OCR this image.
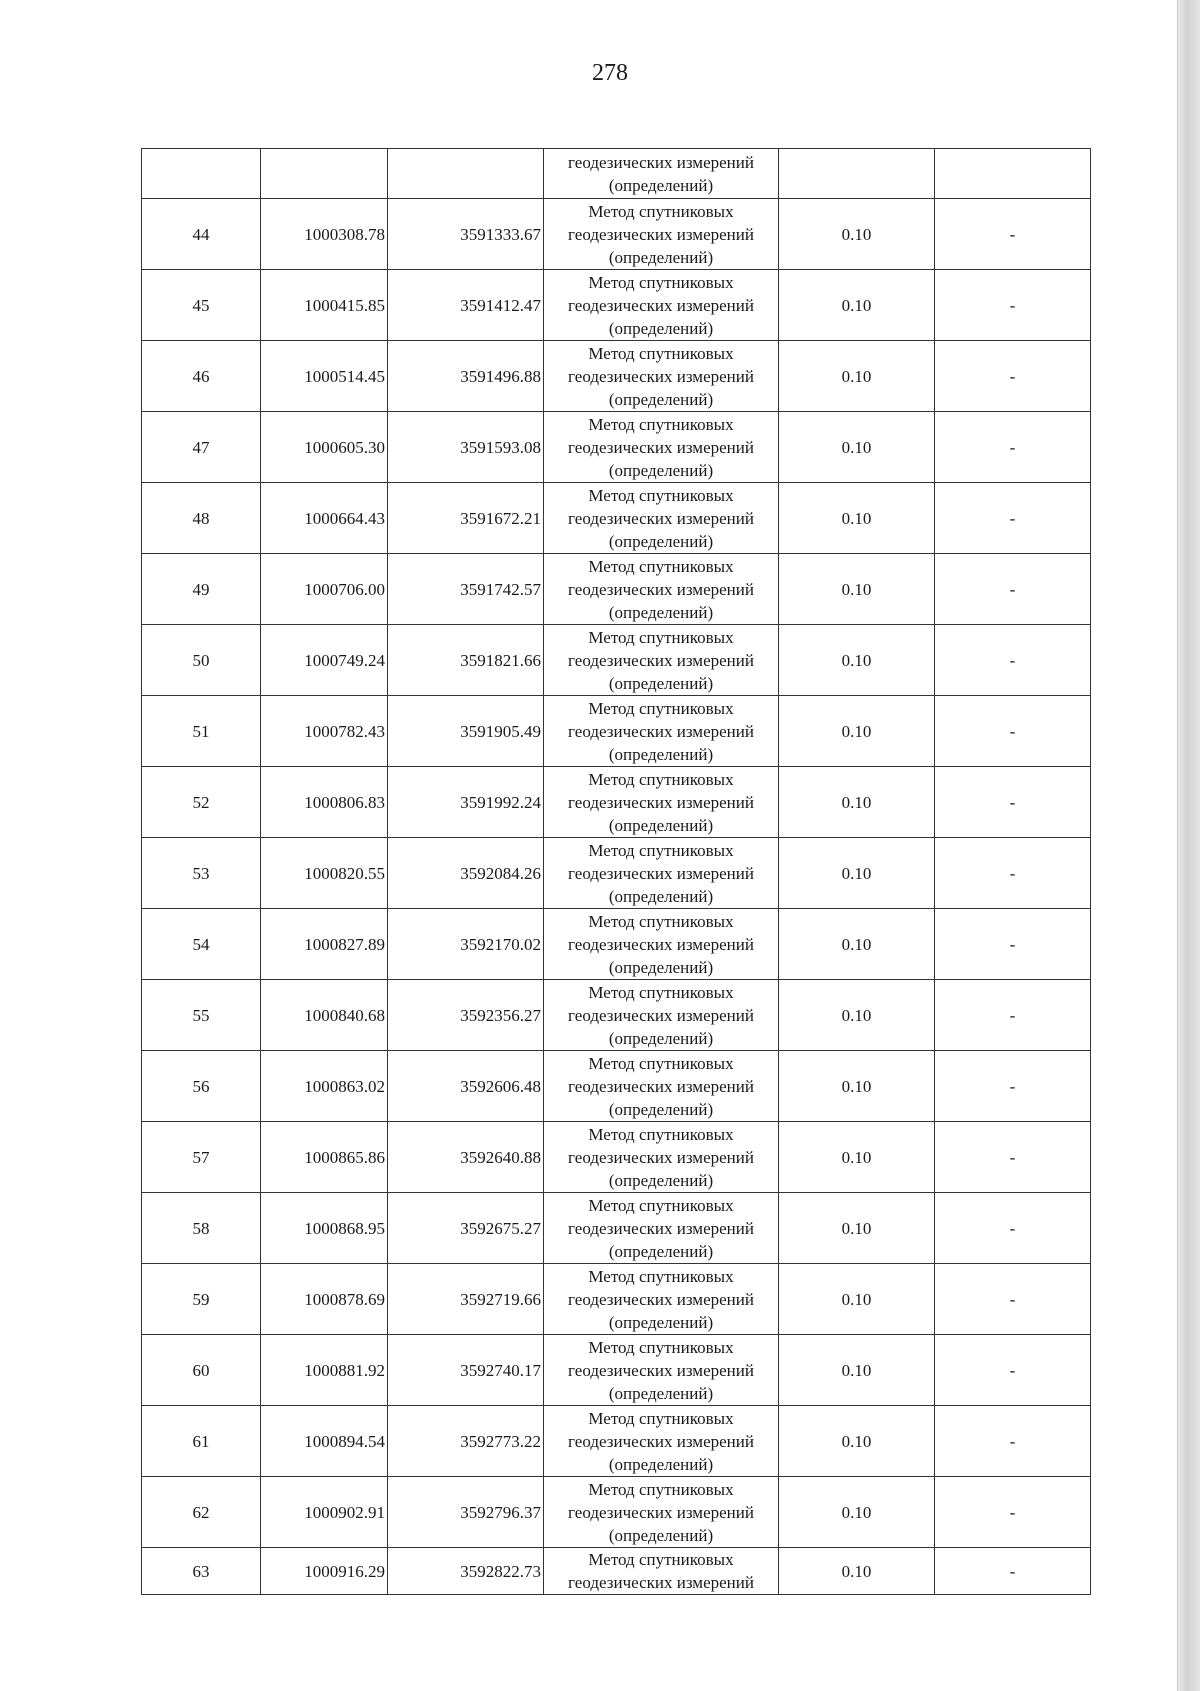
278

			геодезических измерений
(определений)		

44	1000308.78	3591333.67	Метод спутниковых
геодезических измерений
(определений)	0.10	-
45	1000415.85	3591412.47	Метод спутниковых
геодезических измерений
(определений)	0.10	-
46	1000514.45	3591496.88	Метод спутниковых
геодезических измерений
(определений)	0.10	-
47	1000605.30	3591593.08	Метод спутниковых
геодезических измерений
(определений)	0.10	-
48	1000664.43	3591672.21	Метод спутниковых
геодезических измерений
(определений)	0.10	-
49	1000706.00	3591742.57	Метод спутниковых
геодезических измерений
(определений)	0.10	-
50	1000749.24	3591821.66	Метод спутниковых
геодезических измерений
(определений)	0.10	-
51	1000782.43	3591905.49	Метод спутниковых
геодезических измерений
(определений)	0.10	-
52	1000806.83	3591992.24	Метод спутниковых
геодезических измерений
(определений)	0.10	-
53	1000820.55	3592084.26	Метод спутниковых
геодезических измерений
(определений)	0.10	-
54	1000827.89	3592170.02	Метод спутниковых
геодезических измерений
(определений)	0.10	-
55	1000840.68	3592356.27	Метод спутниковых
геодезических измерений
(определений)	0.10	-
56	1000863.02	3592606.48	Метод спутниковых
геодезических измерений
(определений)	0.10	-
57	1000865.86	3592640.88	Метод спутниковых
геодезических измерений
(определений)	0.10	-
58	1000868.95	3592675.27	Метод спутниковых
геодезических измерений
(определений)	0.10	-
59	1000878.69	3592719.66	Метод спутниковых
геодезических измерений
(определений)	0.10	-
60	1000881.92	3592740.17	Метод спутниковых
геодезических измерений
(определений)	0.10	-
61	1000894.54	3592773.22	Метод спутниковых
геодезических измерений
(определений)	0.10	-
62	1000902.91	3592796.37	Метод спутниковых
геодезических измерений
(определений)	0.10	-
63	1000916.29	3592822.73	Метод спутниковых
геодезических измерений	0.10	-
